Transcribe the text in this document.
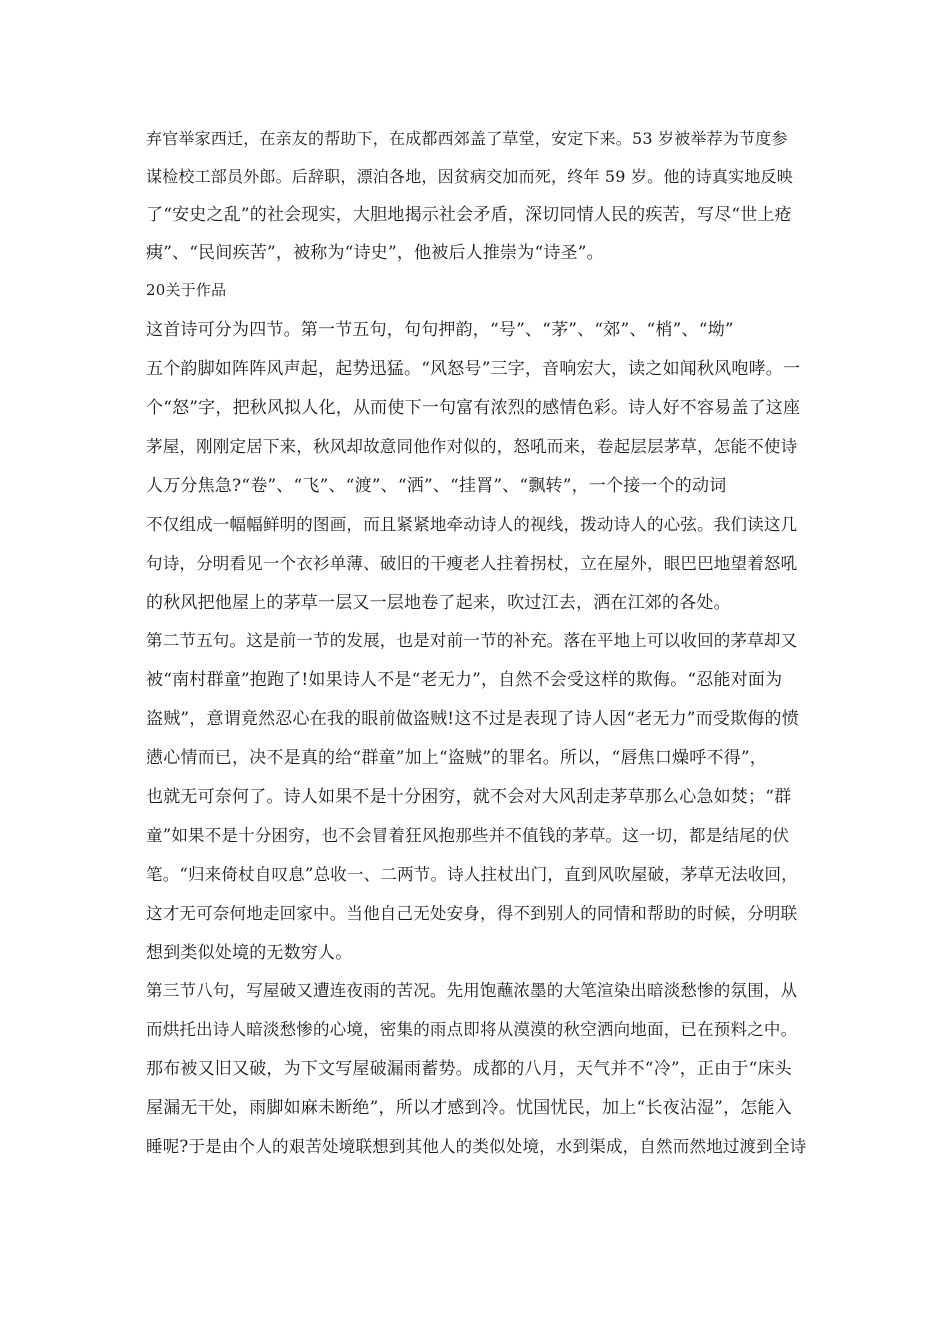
弃官举家西迁，在亲友的帮助下，在成都西郊盖了草堂，安定下来。53 岁被举荐为节度参
谋检校工部员外郎。后辞职，漂泊各地，因贫病交加而死，终年 59 岁。他的诗真实地反映
了“安史之乱”的社会现实，大胆地揭示社会矛盾，深切同情人民的疾苦，写尽“世上疮
痍”、“民间疾苦”，被称为“诗史”，他被后人推崇为“诗圣”。
20关于作品
这首诗可分为四节。第一节五句，句句押韵，“号”、“茅”、“郊”、“梢”、“坳”
五个韵脚如阵阵风声起，起势迅猛。“风怒号”三字，音响宏大，读之如闻秋风咆哮。一
个“怒”字，把秋风拟人化，从而使下一句富有浓烈的感情色彩。诗人好不容易盖了这座
茅屋，刚刚定居下来，秋风却故意同他作对似的，怒吼而来，卷起层层茅草，怎能不使诗
人万分焦急?“卷”、“飞”、“渡”、“洒”、“挂罥”、“飘转”，一个接一个的动词
不仅组成一幅幅鲜明的图画，而且紧紧地牵动诗人的视线，拨动诗人的心弦。我们读这几
句诗，分明看见一个衣衫单薄、破旧的干瘦老人拄着拐杖，立在屋外，眼巴巴地望着怒吼
的秋风把他屋上的茅草一层又一层地卷了起来，吹过江去，洒在江郊的各处。
第二节五句。这是前一节的发展，也是对前一节的补充。落在平地上可以收回的茅草却又
被“南村群童”抱跑了!如果诗人不是“老无力”，自然不会受这样的欺侮。“忍能对面为
盗贼”，意谓竟然忍心在我的眼前做盗贼!这不过是表现了诗人因“老无力”而受欺侮的愤
懑心情而已，决不是真的给“群童”加上“盗贼”的罪名。所以，“唇焦口燥呼不得”，
也就无可奈何了。诗人如果不是十分困穷，就不会对大风刮走茅草那么心急如焚；“群
童”如果不是十分困穷，也不会冒着狂风抱那些并不值钱的茅草。这一切，都是结尾的伏
笔。“归来倚杖自叹息”总收一、二两节。诗人拄杖出门，直到风吹屋破，茅草无法收回，
这才无可奈何地走回家中。当他自己无处安身，得不到别人的同情和帮助的时候，分明联
想到类似处境的无数穷人。
第三节八句，写屋破又遭连夜雨的苦况。先用饱蘸浓墨的大笔渲染出暗淡愁惨的氛围，从
而烘托出诗人暗淡愁惨的心境，密集的雨点即将从漠漠的秋空洒向地面，已在预料之中。
那布被又旧又破，为下文写屋破漏雨蓄势。成都的八月，天气并不“冷”，正由于“床头
屋漏无干处，雨脚如麻未断绝”，所以才感到冷。忧国忧民，加上“长夜沾湿”，怎能入
睡呢?于是由个人的艰苦处境联想到其他人的类似处境，水到渠成，自然而然地过渡到全诗
